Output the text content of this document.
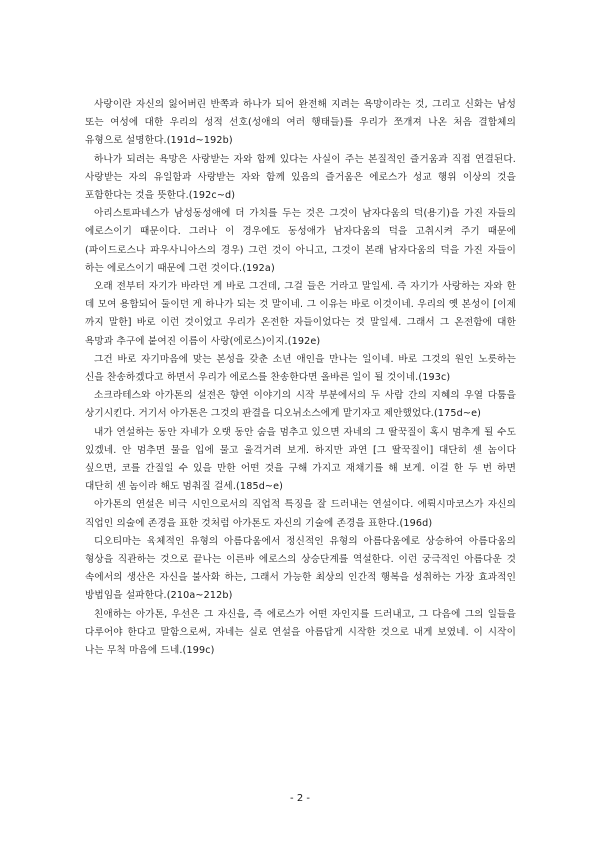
사랑이란 자신의 잃어버린 반쪽과 하나가 되어 완전해 지려는 욕망이라는 것, 그리고 신화는 남성 또는 여성에 대한 우리의 성적 선호(성애의 여러 행태들)를 우리가 쪼개져 나온 처음 결합체의 유형으로 설명한다.(191d~192b)

하나가 되려는 욕망은 사랑받는 자와 함께 있다는 사실이 주는 본질적인 즐거움과 직접 연결된다. 사랑받는 자의 유일함과 사랑받는 자와 함께 있음의 즐거움은 에로스가 성교 행위 이상의 것을 포함한다는 것을 뜻한다.(192c~d)

아리스토파네스가 남성동성애에 더 가치를 두는 것은 그것이 남자다움의 덕(용기)을 가진 자들의 에로스이기 때문이다. 그러나 이 경우에도 동성애가 남자다움의 덕을 고취시켜 주기 때문에(파이드로스나 파우사니아스의 경우) 그런 것이 아니고, 그것이 본래 남자다움의 덕을 가진 자들이 하는 에로스이기 때문에 그런 것이다.(192a)

오래 전부터 자기가 바라던 게 바로 그건데, 그걸 들은 거라고 말일세. 즉 자기가 사랑하는 자와 한 데 모여 용합되어 둘이던 게 하나가 되는 것 말이네. 그 이유는 바로 이것이네. 우리의 옛 본성이 [이제 까지 말한] 바로 이런 것이었고 우리가 온전한 자들이었다는 것 말일세. 그래서 그 온전함에 대한 욕망과 추구에 붙여진 이름이 사랑(에로스)이지.(192e)

그건 바로 자기마음에 맞는 본성을 갖춘 소년 애인을 만나는 일이네. 바로 그것의 원인 노릇하는 신을 찬송하겠다고 하면서 우리가 에로스를 찬송한다면 올바른 일이 될 것이네.(193c)

소크라테스와 아가톤의 설전은 향연 이야기의 시작 부분에서의 두 사람 간의 지혜의 우열 다툼을 상기시킨다. 거기서 아가톤은 그것의 판결을 디오뉘소스에게 맡기자고 제안했었다.(175d~e)

내가 연설하는 동안 자네가 오랫 동안 숨을 멈추고 있으면 자네의 그 딸꾹질이 혹시 멈추게 될 수도 있겠네. 안 멈추면 물을 입에 물고 울걱거려 보게. 하지만 과연 [그 딸꾹질이] 대단히 센 놈이다 싶으면, 코를 간질일 수 있을 만한 어떤 것을 구해 가지고 재채기를 해 보게. 이걸 한 두 번 하면 대단히 센 놈이라 해도 멈춰질 걸세.(185d~e)

아가톤의 연설은 비극 시인으로서의 직업적 특징을 잘 드러내는 연설이다. 에뤽시마코스가 자신의 직업인 의술에 존경을 표한 것처럼 아가톤도 자신의 기술에 존경을 표한다.(196d)

디오티마는 육체적인 유형의 아름다움에서 정신적인 유형의 아름다움에로 상승하여 아름다움의 형상을 직관하는 것으로 끝나는 이른바 에로스의 상승단계를 역설한다. 이런 궁극적인 아름다운 것 속에서의 생산은 자신을 불사화 하는, 그래서 가능한 최상의 인간적 행복을 성취하는 가장 효과적인 방법임을 설파한다.(210a~212b)

친애하는 아가톤, 우선은 그 자신을, 즉 에로스가 어떤 자인지를 드러내고, 그 다음에 그의 일들을 다루어야 한다고 말함으로써, 자네는 실로 연설을 아름답게 시작한 것으로 내게 보였네. 이 시작이 나는 무척 마음에 드네.(199c)

- 2 -
